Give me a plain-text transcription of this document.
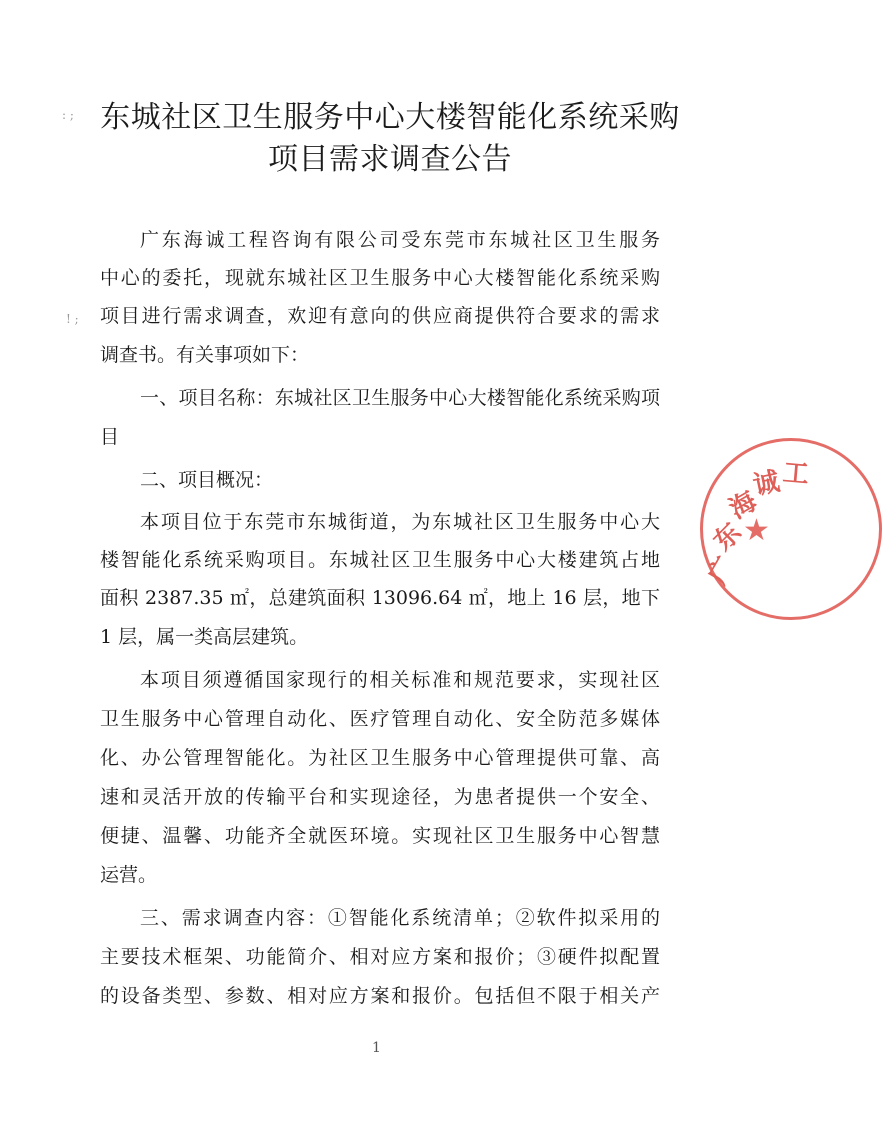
东城社区卫生服务中心大楼智能化系统采购
项目需求调查公告
广东海诚工程咨询有限公司受东莞市东城社区卫生服务
中心的委托，现就东城社区卫生服务中心大楼智能化系统采购
项目进行需求调查，欢迎有意向的供应商提供符合要求的需求
调查书。有关事项如下：
一、项目名称：东城社区卫生服务中心大楼智能化系统采购项
目
二、项目概况：
本项目位于东莞市东城街道，为东城社区卫生服务中心大
楼智能化系统采购项目。东城社区卫生服务中心大楼建筑占地
面积 2387.35 ㎡，总建筑面积 13096.64 ㎡，地上 16 层，地下
1 层，属一类高层建筑。
本项目须遵循国家现行的相关标准和规范要求，实现社区
卫生服务中心管理自动化、医疗管理自动化、安全防范多媒体
化、办公管理智能化。为社区卫生服务中心管理提供可靠、高
速和灵活开放的传输平台和实现途径，为患者提供一个安全、
便捷、温馨、功能齐全就医环境。实现社区卫生服务中心智慧
运营。
三、需求调查内容：①智能化系统清单；②软件拟采用的
主要技术框架、功能简介、相对应方案和报价；③硬件拟配置
的设备类型、参数、相对应方案和报价。包括但不限于相关产
广
东
海
诚 工
★
: ;
! ;
1
